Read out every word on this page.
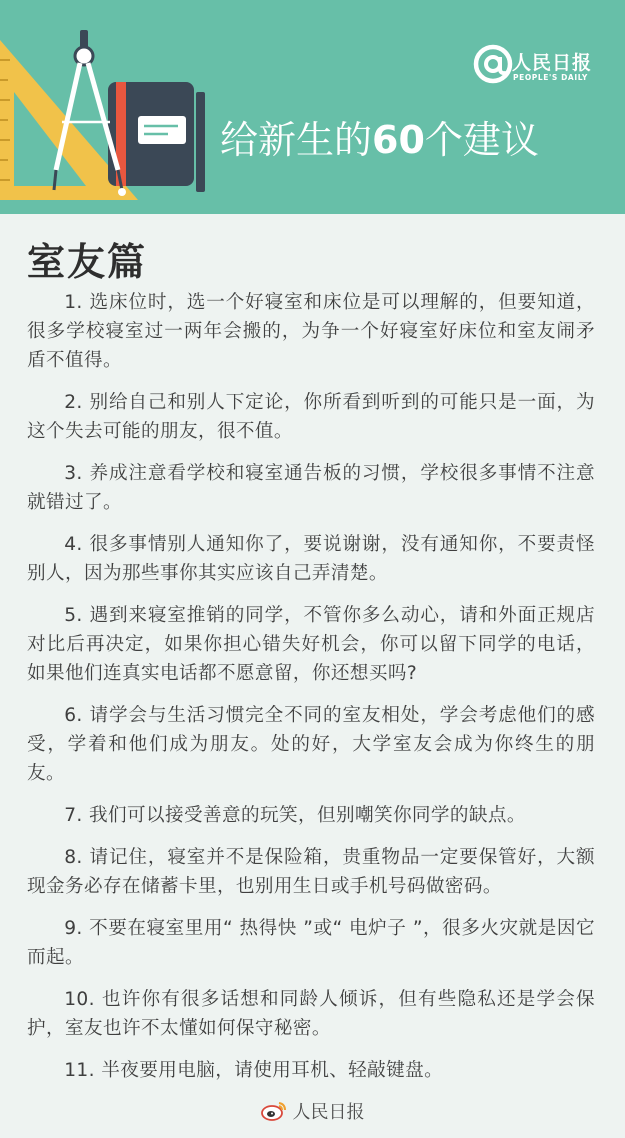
人民日报
PEOPLE'S DAILY
给新生的60个建议
室友篇
1. 选床位时，选一个好寝室和床位是可以理解的，但要知道，很多学校寝室过一两年会搬的，为争一个好寝室好床位和室友闹矛盾不值得。
2. 别给自己和别人下定论，你所看到听到的可能只是一面，为这个失去可能的朋友，很不值。
3. 养成注意看学校和寝室通告板的习惯，学校很多事情不注意就错过了。
4. 很多事情别人通知你了，要说谢谢，没有通知你，不要责怪别人，因为那些事你其实应该自己弄清楚。
5. 遇到来寝室推销的同学，不管你多么动心，请和外面正规店对比后再决定，如果你担心错失好机会，你可以留下同学的电话，如果他们连真实电话都不愿意留，你还想买吗?
6. 请学会与生活习惯完全不同的室友相处，学会考虑他们的感受，学着和他们成为朋友。处的好，大学室友会成为你终生的朋友。
7. 我们可以接受善意的玩笑，但别嘲笑你同学的缺点。
8. 请记住，寝室并不是保险箱，贵重物品一定要保管好，大额现金务必存在储蓄卡里，也别用生日或手机号码做密码。
9. 不要在寝室里用“ 热得快 ”或“ 电炉子 ”，很多火灾就是因它而起。
10. 也许你有很多话想和同龄人倾诉，但有些隐私还是学会保护，室友也许不太懂如何保守秘密。
11. 半夜要用电脑，请使用耳机、轻敲键盘。
人民日报
